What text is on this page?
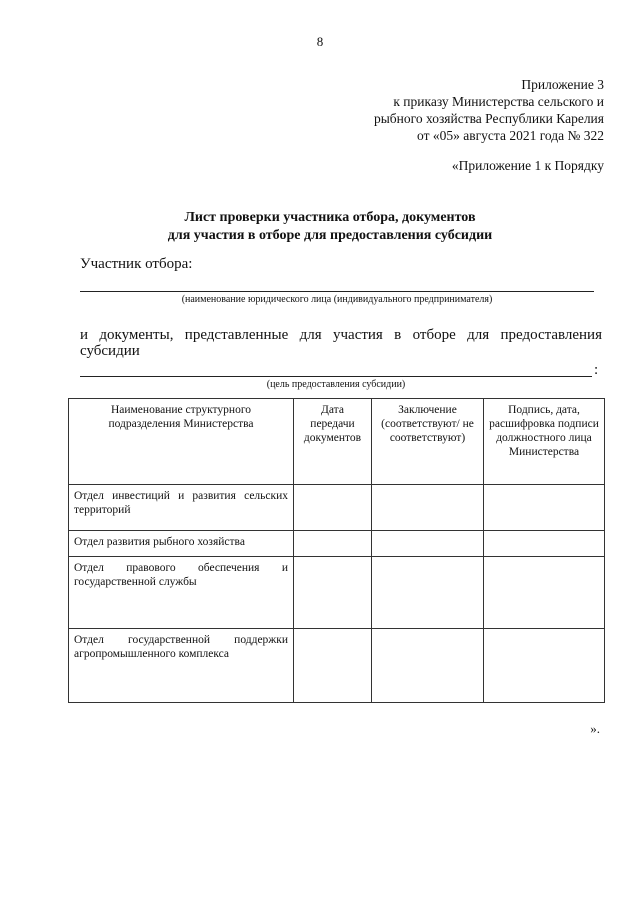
8
Приложение 3
к приказу Министерства сельского и
рыбного хозяйства Республики Карелия
от «05» августа 2021 года № 322
«Приложение 1 к Порядку
Лист проверки участника отбора, документов
для участия в отборе для предоставления субсидии
Участник отбора:
(наименование юридического лица (индивидуального предпринимателя)
и документы, представленные для участия в отборе для предоставления
субсидии
:
(цель предоставления субсидии)
Наименование структурного подразделения Министерства	Дата передачи документов	Заключение (соответствуют/ не соответствуют)	Подпись, дата, расшифровка подписи должностного лица Министерства
Отдел инвестиций и развития сельских территорий			
Отдел развития рыбного хозяйства			
Отдел правового обеспечения и государственной службы			
Отдел государственной поддержки агропромышленного комплекса			
».
